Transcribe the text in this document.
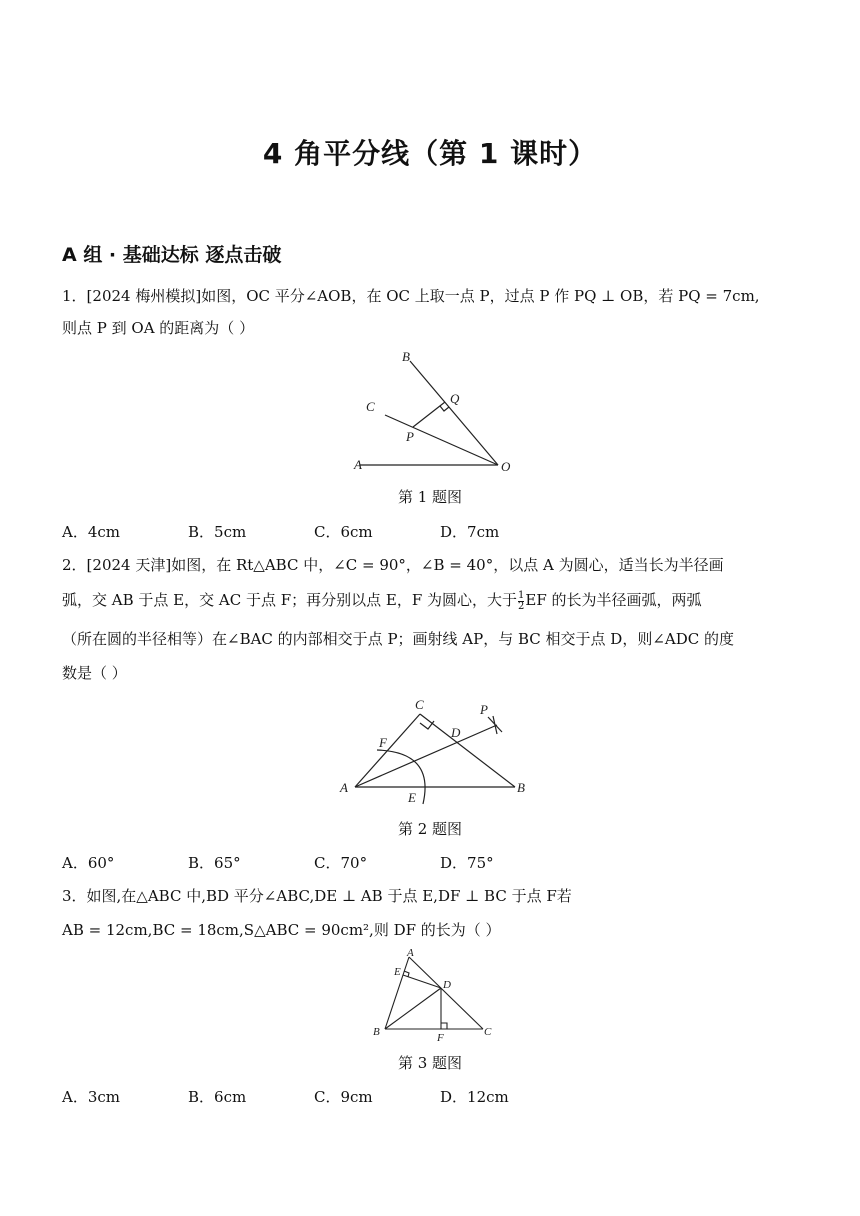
4 角平分线（第 1 课时）
A 组 · 基础达标 逐点击破
1．[2024 梅州模拟]如图，OC 平分∠AOB，在 OC 上取一点 P，过点 P 作 PQ ⊥ OB，若 PQ = 7cm,
则点 P 到 OA 的距离为（ ）
B
C
Q
P
A	O
第 1 题图
A．4cm	B．5cm	C．6cm	D．7cm
2．[2024 天津]如图，在 Rt△ABC 中，∠C = 90°，∠B = 40°，以点 A 为圆心，适当长为半径画
弧，交 AB 于点 E，交 AC 于点 F；再分别以点 E，F 为圆心，大于 $\frac{1}{2}$ EF 的长为半径画弧，两弧
（所在圆的半径相等）在∠BAC 的内部相交于点 P；画射线 AP，与 BC 相交于点 D，则∠ADC 的度
数是（ ）
C	P
D
F
A	B
E
第 2 题图
A．60°	B．65°	C．70°	D．75°
3．如图,在△ABC 中,BD 平分∠ABC,DE ⊥ AB 于点 E,DF ⊥ BC 于点 F若
AB = 12cm,BC = 18cm,S△ABC = 90cm²,则 DF 的长为（ ）
A
E
D
B	F	C
第 3 题图
A．3cm	B．6cm	C．9cm	D．12cm
